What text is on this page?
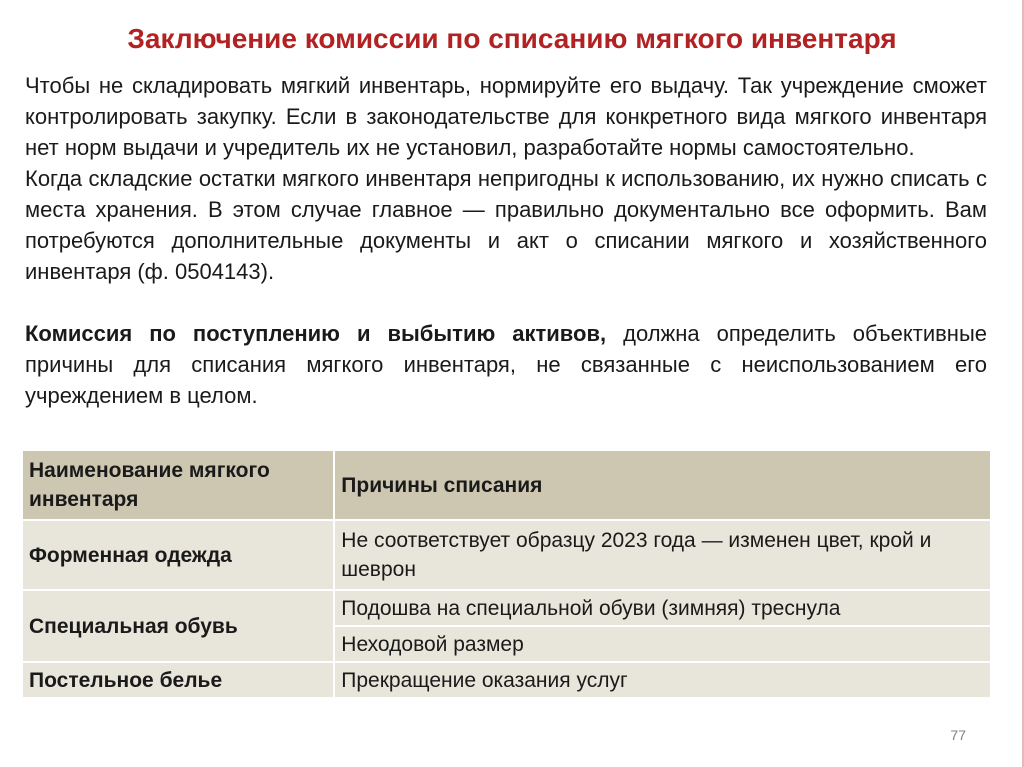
Заключение комиссии по списанию мягкого инвентаря

Чтобы не складировать мягкий инвентарь, нормируйте его выдачу. Так учреждение сможет контролировать закупку. Если в законодательстве для конкретного вида мягкого инвентаря нет норм выдачи и учредитель их не установил, разработайте нормы самостоятельно.

Когда складские остатки мягкого инвентаря непригодны к использованию, их нужно списать с места хранения. В этом случае главное — правильно документально все оформить. Вам потребуются дополнительные документы и акт о списании мягкого и хозяйственного инвентаря (ф. 0504143).

Комиссия по поступлению и выбытию активов, должна определить объективные причины для списания мягкого инвентаря, не связанные с неиспользованием его учреждением в целом.

Наименование мягкого инвентаря	Причины списания
Форменная одежда	Не соответствует образцу 2023 года — изменен цвет, крой и шеврон
Специальная обувь	Подошва на специальной обуви (зимняя) треснула
	Неходовой размер
Постельное белье	Прекращение оказания услуг
77
